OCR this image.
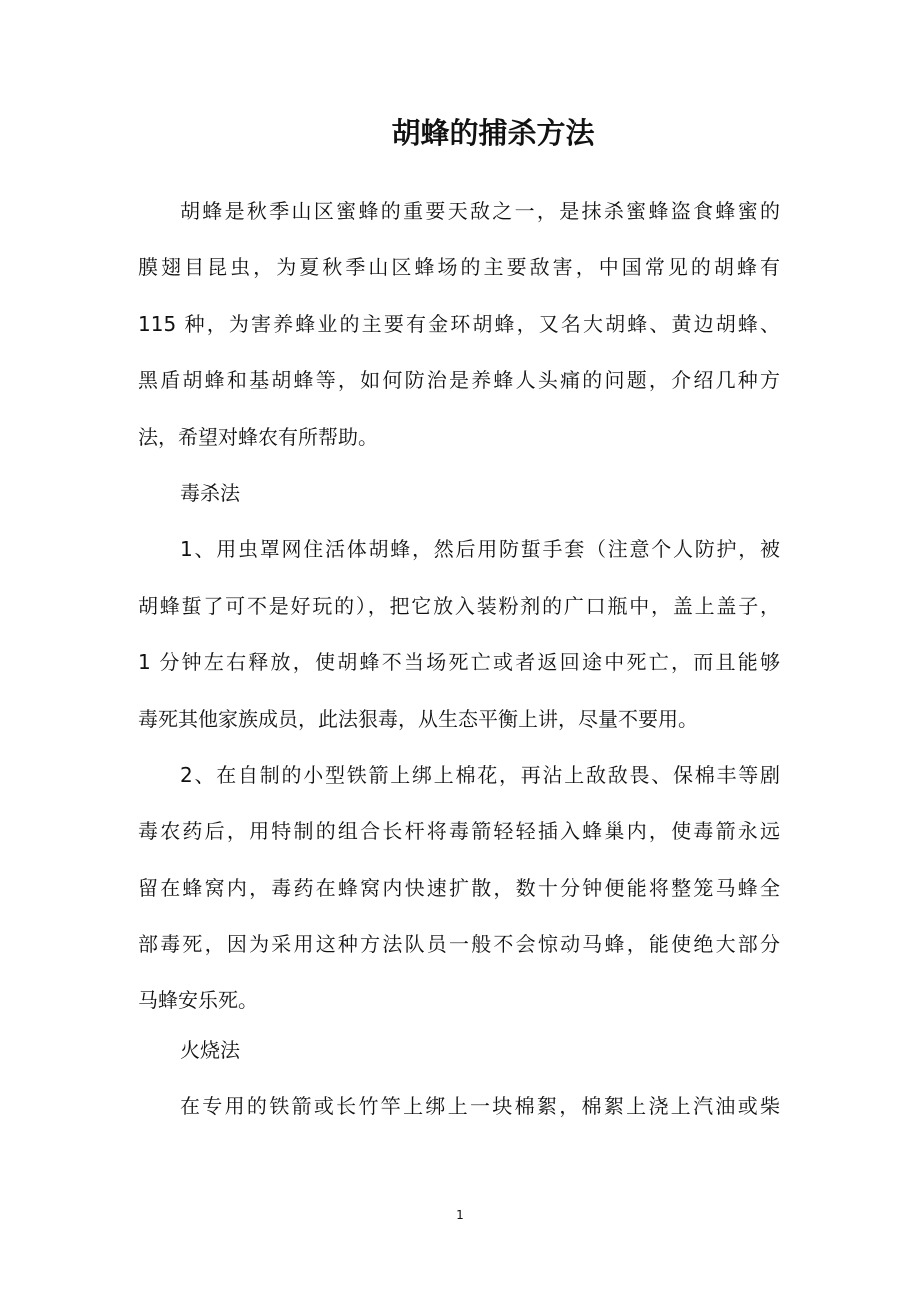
胡蜂的捕杀方法
胡蜂是秋季山区蜜蜂的重要天敌之一，是抹杀蜜蜂盗食蜂蜜的
膜翅目昆虫，为夏秋季山区蜂场的主要敌害，中国常见的胡蜂有
115 种，为害养蜂业的主要有金环胡蜂，又名大胡蜂、黄边胡蜂、
黑盾胡蜂和基胡蜂等，如何防治是养蜂人头痛的问题，介绍几种方
法，希望对蜂农有所帮助。
毒杀法
1、用虫罩网住活体胡蜂，然后用防蜇手套（注意个人防护，被
胡蜂蜇了可不是好玩的），把它放入装粉剂的广口瓶中，盖上盖子，
1 分钟左右释放，使胡蜂不当场死亡或者返回途中死亡，而且能够
毒死其他家族成员，此法狠毒，从生态平衡上讲，尽量不要用。
2、在自制的小型铁箭上绑上棉花，再沾上敌敌畏、保棉丰等剧
毒农药后，用特制的组合长杆将毒箭轻轻插入蜂巢内，使毒箭永远
留在蜂窝内，毒药在蜂窝内快速扩散，数十分钟便能将整笼马蜂全
部毒死，因为采用这种方法队员一般不会惊动马蜂，能使绝大部分
马蜂安乐死。
火烧法
在专用的铁箭或长竹竿上绑上一块棉絮，棉絮上浇上汽油或柴
1
